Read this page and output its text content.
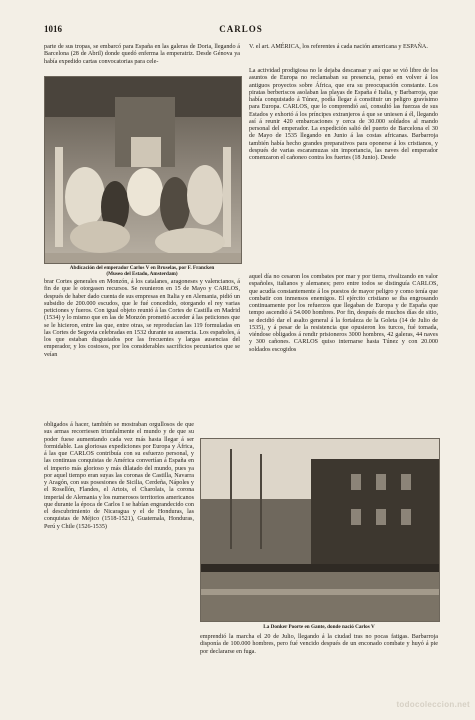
1016	CARLOS

parte de sus tropas, se embarcó para España en las galeras de Doria, llegando á Barcelona (28 de Abril) donde quedó enferma la emperatriz. Desde Génova ya había expedido cartas convocatorias para cele-

V. el art. AMÉRICA, los referentes á cada nación americana y ESPAÑA.

Abdicación del emperador Carlos V en Bruselas, por F. Francken
(Museo del Estado, Amsterdam)

La actividad prodigiosa no le dejaba descansar y así que se vió libre de los asuntos de Europa no reclamaban su presencia, pensó en volver á los antiguos proyectos sobre África, que era su preocupación constante. Los piratas berberiscos asolaban las playas de España é Italia, y Barbarroja, que había conquistado á Túnez, podía llegar á constituir un peligro gravísimo para Europa. CARLOS, que lo comprendió así, consultó las fuerzas de sus Estados y exhortó á los príncipes extranjeros á que se uniesen á él, llegando así á reunir 420 embarcaciones y cerca de 30.000 soldados al mando personal del emperador. La expedición salió del puerto de Barcelona el 30 de Mayo de 1535 llegando en Junio á las costas africanas. Barbarroja también había hecho grandes preparativos para oponerse á los cristianos, y después de varias escaramuzas sin importancia, las naves del emperador comenzaron el cañoneo contra los fuertes (18 Junio). Desde

brar Cortes generales en Monzón, á los catalanes, aragoneses y valencianos, á fin de que le otorgasen recursos. Se reunieron en 15 de Mayo y CARLOS, después de haber dado cuenta de sus empresas en Italia y en Alemania, pidió un subsidio de 200.000 escudos, que le fué concedido, otorgando el rey varias peticiones y fueros. Con igual objeto reunió á las Cortes de Castilla en Madrid (1534) y lo mismo que en las de Monzón prometió acceder á las peticiones que se le hicieron, entre las que, entre otras, se reproducían las 119 formuladas en las Cortes de Segovia celebradas en 1532 durante su ausencia. Los españoles, á los que estaban disgustados por las frecuentes y largas ausencias del emperador, y los costosos, por los considerables sacrificios pecuniarios que se veían

aquel día no cesaron los combates por mar y por tierra, rivalizando en valor españoles, italianos y alemanes; pero entre todos se distinguía CARLOS, que acudía constantemente á los puestos de mayor peligro y como tenía que combatir con inmensos enemigos. El ejército cristiano se iba engrosando continuamente por los refuerzos que llegaban de Europa y de España que tempo ascendió á 54.000 hombres. Por fin, después de muchos días de sitio, se decidió dar el asalto general á la fortaleza de la Goleta (14 de Julio de 1535), y á pesar de la resistencia que opusieron los turcos, fué tomada, viéndose obligados á rendir prisioneros 3000 hombres, 42 galeras, 44 naves y 300 cañones. CARLOS quiso internarse hasta Túnez y con 20.000 soldados escogidos

obligados á hacer, también se mostraban orgullosos de que sus armas recorriesen triunfalmente el mundo y de que su poder fuese aumentando cada vez más hasta llegar á ser formidable. Las gloriosas expediciones por Europa y África, á las que CARLOS contribuía con su esfuerzo personal, y las continuas conquistas de América convertían á España en el imperio más glorioso y más dilatado del mundo, pues ya por aquel tiempo eran suyas las coronas de Castilla, Navarra y Aragón, con sus posesiones de Sicilia, Cerdeña, Nápoles y el Rosellón, Flandes, el Artois, el Charolais, la corona imperial de Alemania y los numerosos territorios americanos que durante la época de Carlos I se habían engrandecido con el descubrimiento de Nicaragua y el de Honduras, las conquistas de Méjico (1518-1521), Guatemala, Honduras, Perú y Chile (1526-1535)

La Donker Poorte en Gante, donde nació Carlos V

emprendió la marcha el 20 de Julio, llegando á la ciudad tras no pocas fatigas. Barbarroja disponía de 100.000 hombres, pero fué vencido después de un enconado combate y huyó á pie por declararse en fuga.

todocoleccion.net
